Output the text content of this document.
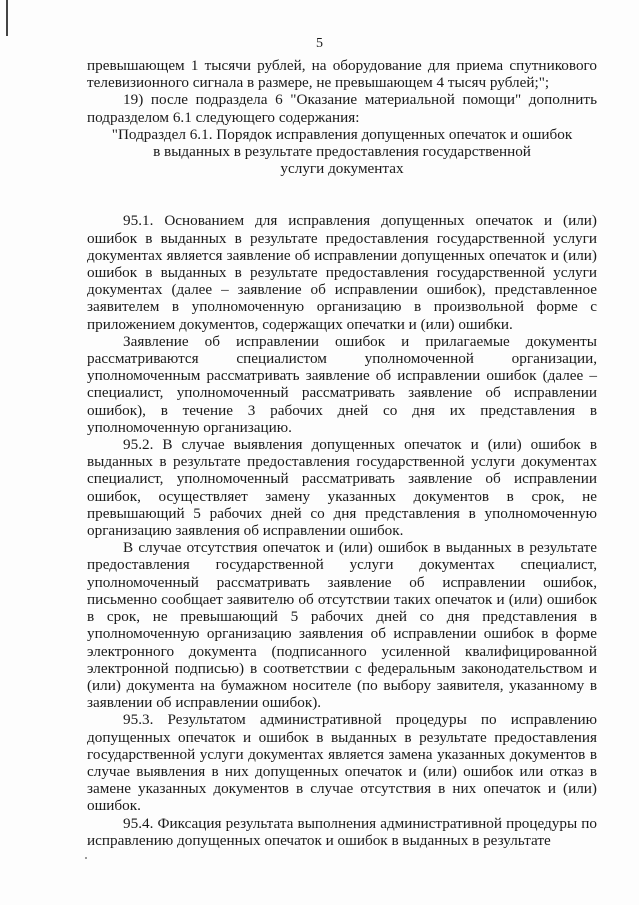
5

превышающем 1 тысячи рублей, на оборудование для приема спутникового телевизионного сигнала в размере, не превышающем 4 тысяч рублей;";

19) после подраздела 6 "Оказание материальной помощи" дополнить подразделом 6.1 следующего содержания:

"Подраздел 6.1. Порядок исправления допущенных опечаток и ошибок
в выданных в результате предоставления государственной
услуги документах

95.1. Основанием для исправления допущенных опечаток и (или) ошибок в выданных в результате предоставления государственной услуги документах является заявление об исправлении допущенных опечаток и (или) ошибок в выданных в результате предоставления государственной услуги документах (далее – заявление об исправлении ошибок), представленное заявителем в уполномоченную организацию в произвольной форме с приложением документов, содержащих опечатки и (или) ошибки.

Заявление об исправлении ошибок и прилагаемые документы рассматриваются специалистом уполномоченной организации, уполномоченным рассматривать заявление об исправлении ошибок (далее – специалист, уполномоченный рассматривать заявление об исправлении ошибок), в течение 3 рабочих дней со дня их представления в уполномоченную организацию.

95.2. В случае выявления допущенных опечаток и (или) ошибок в выданных в результате предоставления государственной услуги документах специалист, уполномоченный рассматривать заявление об исправлении ошибок, осуществляет замену указанных документов в срок, не превышающий 5 рабочих дней со дня представления в уполномоченную организацию заявления об исправлении ошибок.

В случае отсутствия опечаток и (или) ошибок в выданных в результате предоставления государственной услуги документах специалист, уполномоченный рассматривать заявление об исправлении ошибок, письменно сообщает заявителю об отсутствии таких опечаток и (или) ошибок в срок, не превышающий 5 рабочих дней со дня представления в уполномоченную организацию заявления об исправлении ошибок в форме электронного документа (подписанного усиленной квалифицированной электронной подписью) в соответствии с федеральным законодательством и (или) документа на бумажном носителе (по выбору заявителя, указанному в заявлении об исправлении ошибок).

95.3. Результатом административной процедуры по исправлению допущенных опечаток и ошибок в выданных в результате предоставления государственной услуги документах является замена указанных документов в случае выявления в них допущенных опечаток и (или) ошибок или отказ в замене указанных документов в случае отсутствия в них опечаток и (или) ошибок.

95.4. Фиксация результата выполнения административной процедуры по исправлению допущенных опечаток и ошибок в выданных в результате
